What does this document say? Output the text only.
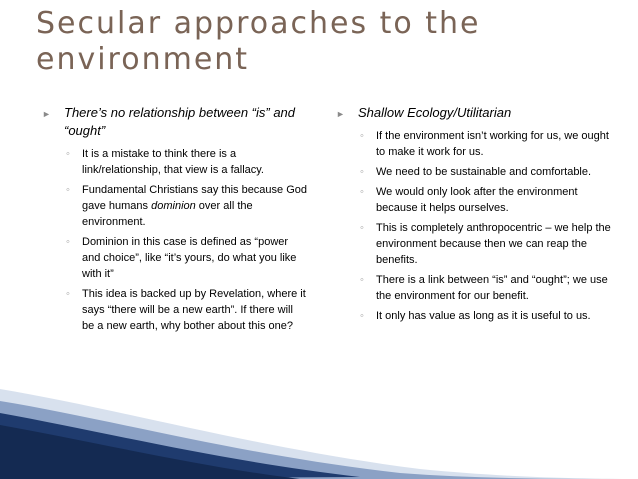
Secular approaches to the environment
► There’s no relationship between “is” and “ought”
◦ It is a mistake to think there is a link/relationship, that view is a fallacy.
◦ Fundamental Christians say this because God gave humans dominion over all the environment.
◦ Dominion in this case is defined as “power and choice”, like “it’s yours, do what you like with it”
◦ This idea is backed up by Revelation, where it says “there will be a new earth”. If there will be a new earth, why bother about this one?
► Shallow Ecology/Utilitarian
◦ If the environment isn’t working for us, we ought to make it work for us.
◦ We need to be sustainable and comfortable.
◦ We would only look after the environment because it helps ourselves.
◦ This is completely anthropocentric – we help the environment because then we can reap the benefits.
◦ There is a link between “is” and “ought”; we use the environment for our benefit.
◦ It only has value as long as it is useful to us.
